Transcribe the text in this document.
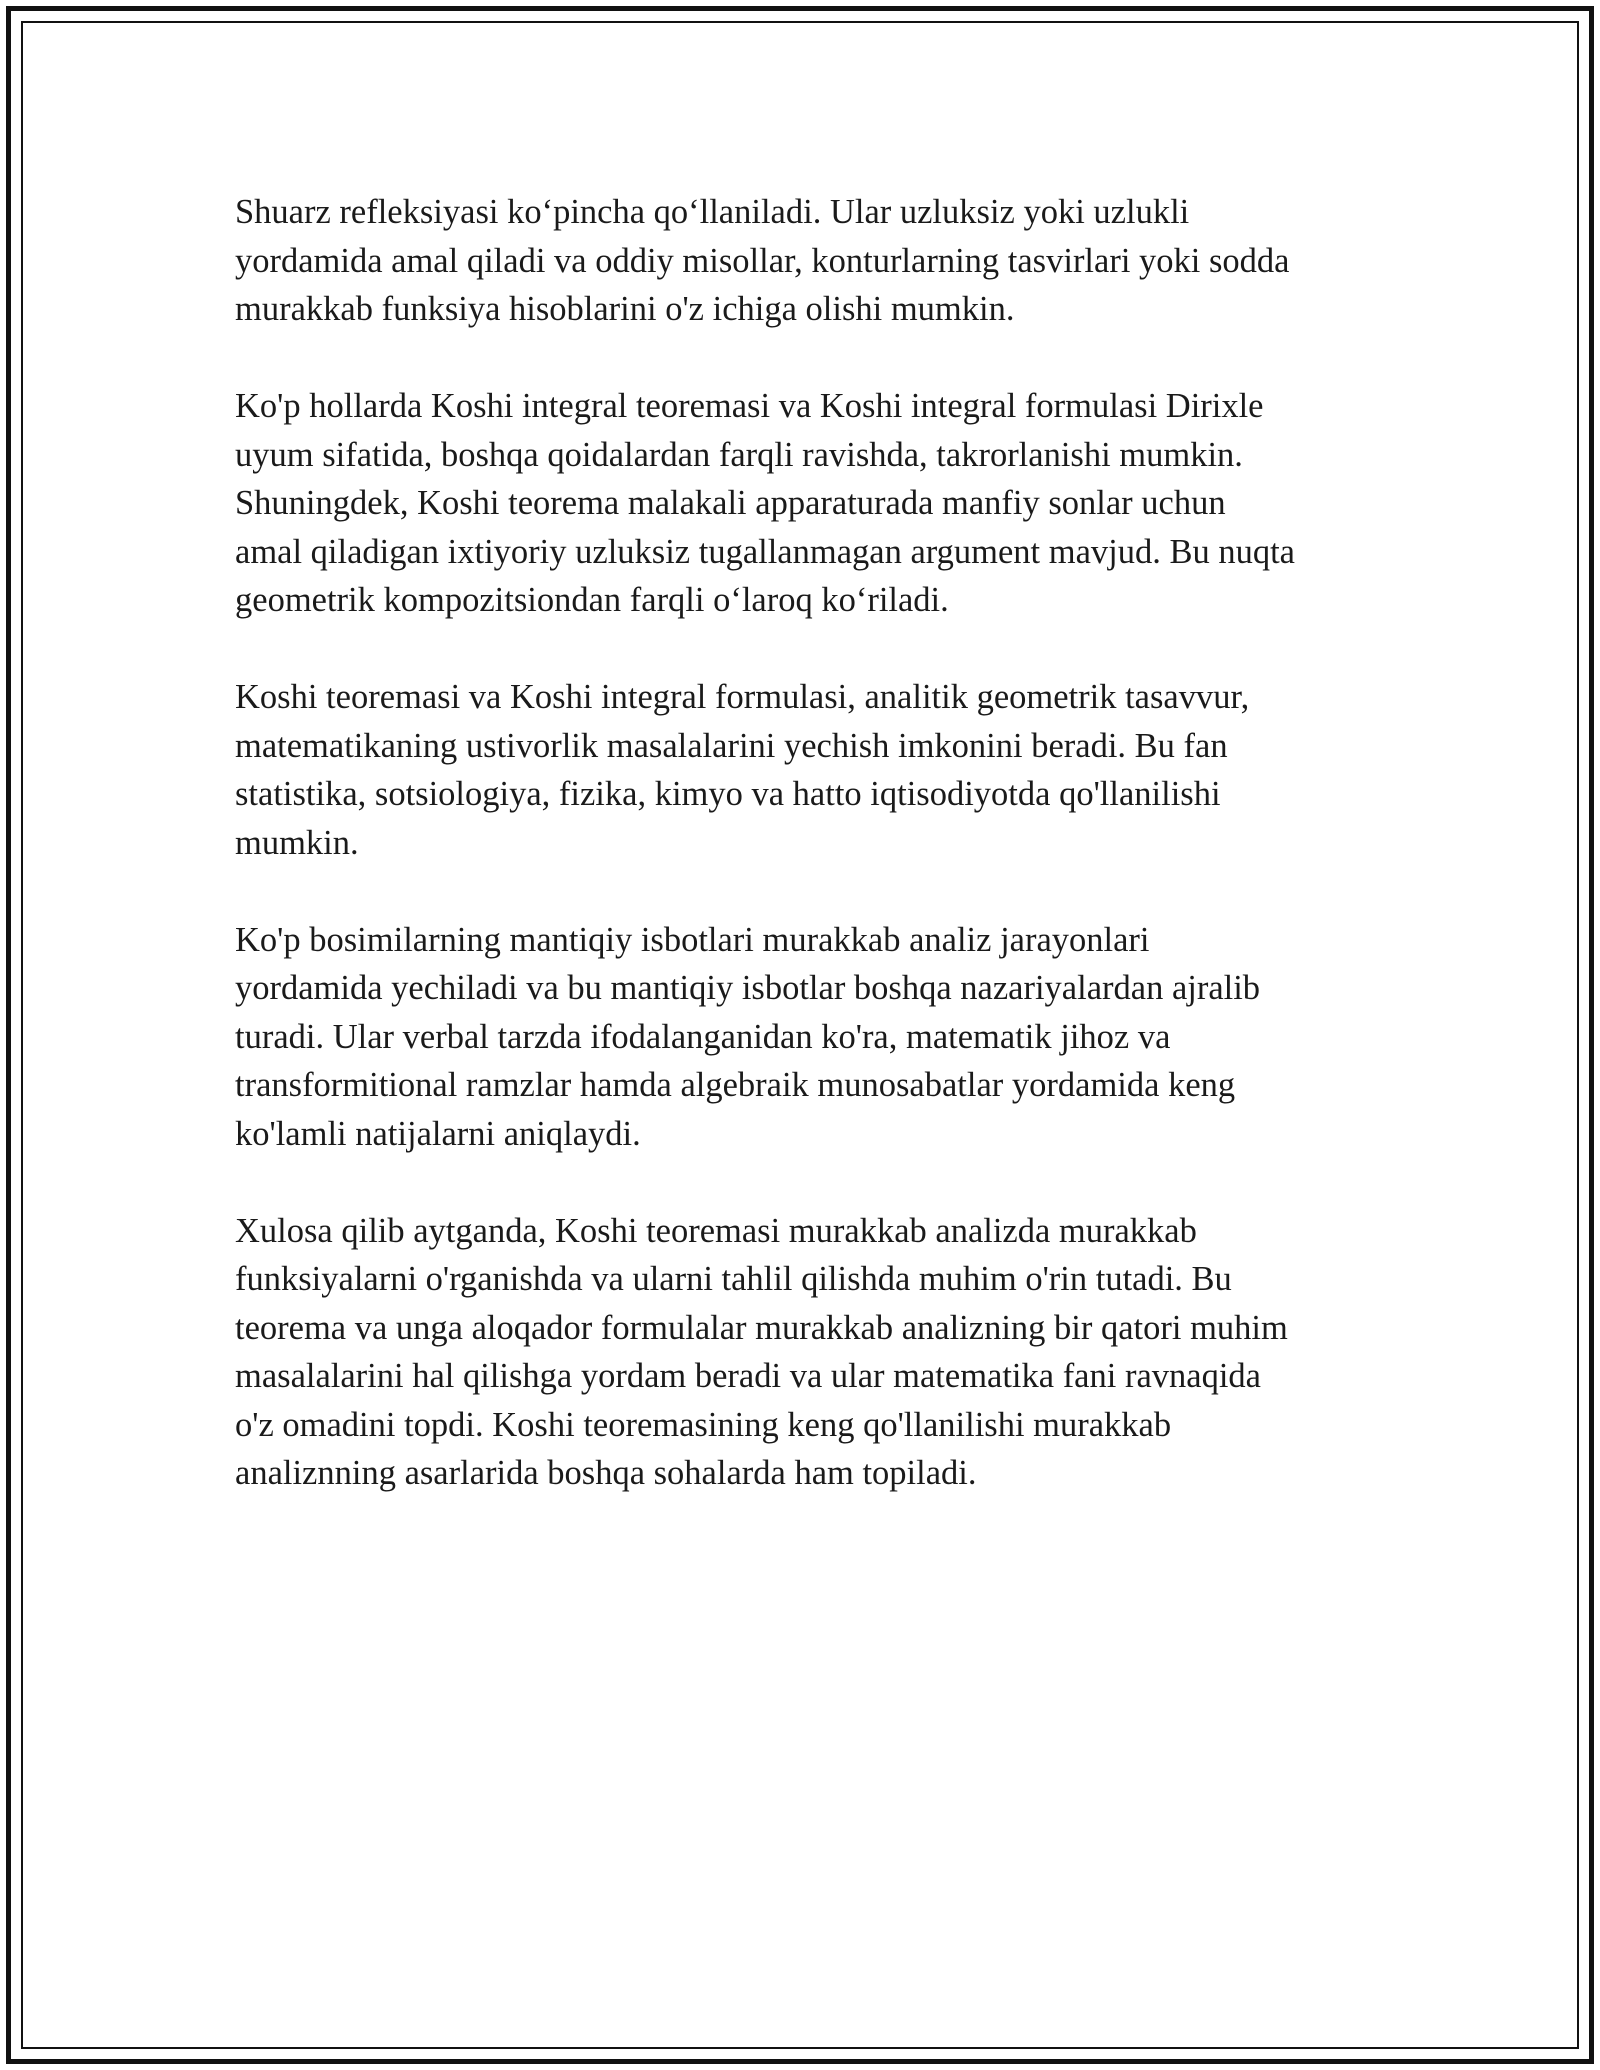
Shuarz refleksiyasi ko‘pincha qo‘llaniladi. Ular uzluksiz yoki uzlukli
yordamida amal qiladi va oddiy misollar, konturlarning tasvirlari yoki sodda
murakkab funksiya hisoblarini o'z ichiga olishi mumkin.

Ko'p hollarda Koshi integral teoremasi va Koshi integral formulasi Dirixle
uyum sifatida, boshqa qoidalardan farqli ravishda, takrorlanishi mumkin.
Shuningdek, Koshi teorema malakali apparaturada manfiy sonlar uchun
amal qiladigan ixtiyoriy uzluksiz tugallanmagan argument mavjud. Bu nuqta
geometrik kompozitsiondan farqli o‘laroq ko‘riladi.

Koshi teoremasi va Koshi integral formulasi, analitik geometrik tasavvur,
matematikaning ustivorlik masalalarini yechish imkonini beradi. Bu fan
statistika, sotsiologiya, fizika, kimyo va hatto iqtisodiyotda qo'llanilishi
mumkin.

Ko'p bosimilarning mantiqiy isbotlari murakkab analiz jarayonlari
yordamida yechiladi va bu mantiqiy isbotlar boshqa nazariyalardan ajralib
turadi. Ular verbal tarzda ifodalanganidan ko'ra, matematik jihoz va
transformitional ramzlar hamda algebraik munosabatlar yordamida keng
ko'lamli natijalarni aniqlaydi.

Xulosa qilib aytganda, Koshi teoremasi murakkab analizda murakkab
funksiyalarni o'rganishda va ularni tahlil qilishda muhim o'rin tutadi. Bu
teorema va unga aloqador formulalar murakkab analizning bir qatori muhim
masalalarini hal qilishga yordam beradi va ular matematika fani ravnaqida
o'z omadini topdi. Koshi teoremasining keng qo'llanilishi murakkab
analiznning asarlarida boshqa sohalarda ham topiladi.
